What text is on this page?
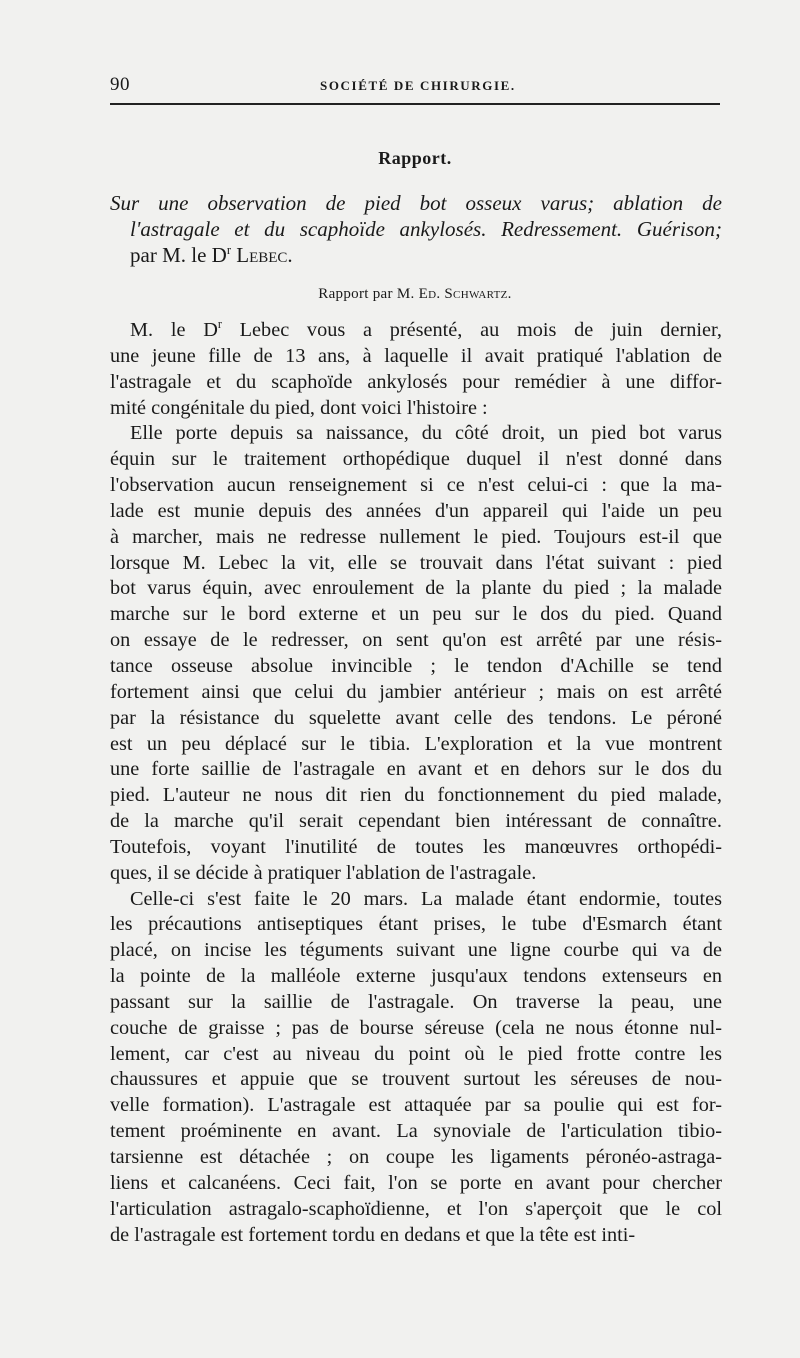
90	SOCIÉTÉ DE CHIRURGIE.
Rapport.
Sur une observation de pied bot osseux varus; ablation de
l'astragale et du scaphoïde ankylosés. Redressement. Guérison;
par M. le $D^r$ Lebec.
Rapport par M. Ed. Schwartz.
M. le $D^r$ Lebec vous a présenté, au mois de juin dernier,
une jeune fille de 13 ans, à laquelle il avait pratiqué l'ablation de
l'astragale et du scaphoïde ankylosés pour remédier à une diffor-
mité congénitale du pied, dont voici l'histoire :
Elle porte depuis sa naissance, du côté droit, un pied bot varus
équin sur le traitement orthopédique duquel il n'est donné dans
l'observation aucun renseignement si ce n'est celui-ci : que la ma-
lade est munie depuis des années d'un appareil qui l'aide un peu
à marcher, mais ne redresse nullement le pied. Toujours est-il que
lorsque M. Lebec la vit, elle se trouvait dans l'état suivant : pied
bot varus équin, avec enroulement de la plante du pied ; la malade
marche sur le bord externe et un peu sur le dos du pied. Quand
on essaye de le redresser, on sent qu'on est arrêté par une résis-
tance osseuse absolue invincible ; le tendon d'Achille se tend
fortement ainsi que celui du jambier antérieur ; mais on est arrêté
par la résistance du squelette avant celle des tendons. Le péroné
est un peu déplacé sur le tibia. L'exploration et la vue montrent
une forte saillie de l'astragale en avant et en dehors sur le dos du
pied. L'auteur ne nous dit rien du fonctionnement du pied malade,
de la marche qu'il serait cependant bien intéressant de connaître.
Toutefois, voyant l'inutilité de toutes les manœuvres orthopédi-
ques, il se décide à pratiquer l'ablation de l'astragale.
Celle-ci s'est faite le 20 mars. La malade étant endormie, toutes
les précautions antiseptiques étant prises, le tube d'Esmarch étant
placé, on incise les téguments suivant une ligne courbe qui va de
la pointe de la malléole externe jusqu'aux tendons extenseurs en
passant sur la saillie de l'astragale. On traverse la peau, une
couche de graisse ; pas de bourse séreuse (cela ne nous étonne nul-
lement, car c'est au niveau du point où le pied frotte contre les
chaussures et appuie que se trouvent surtout les séreuses de nou-
velle formation). L'astragale est attaquée par sa poulie qui est for-
tement proéminente en avant. La synoviale de l'articulation tibio-
tarsienne est détachée ; on coupe les ligaments péronéo-astraga-
liens et calcanéens. Ceci fait, l'on se porte en avant pour chercher
l'articulation astragalo-scaphoïdienne, et l'on s'aperçoit que le col
de l'astragale est fortement tordu en dedans et que la tête est inti-
